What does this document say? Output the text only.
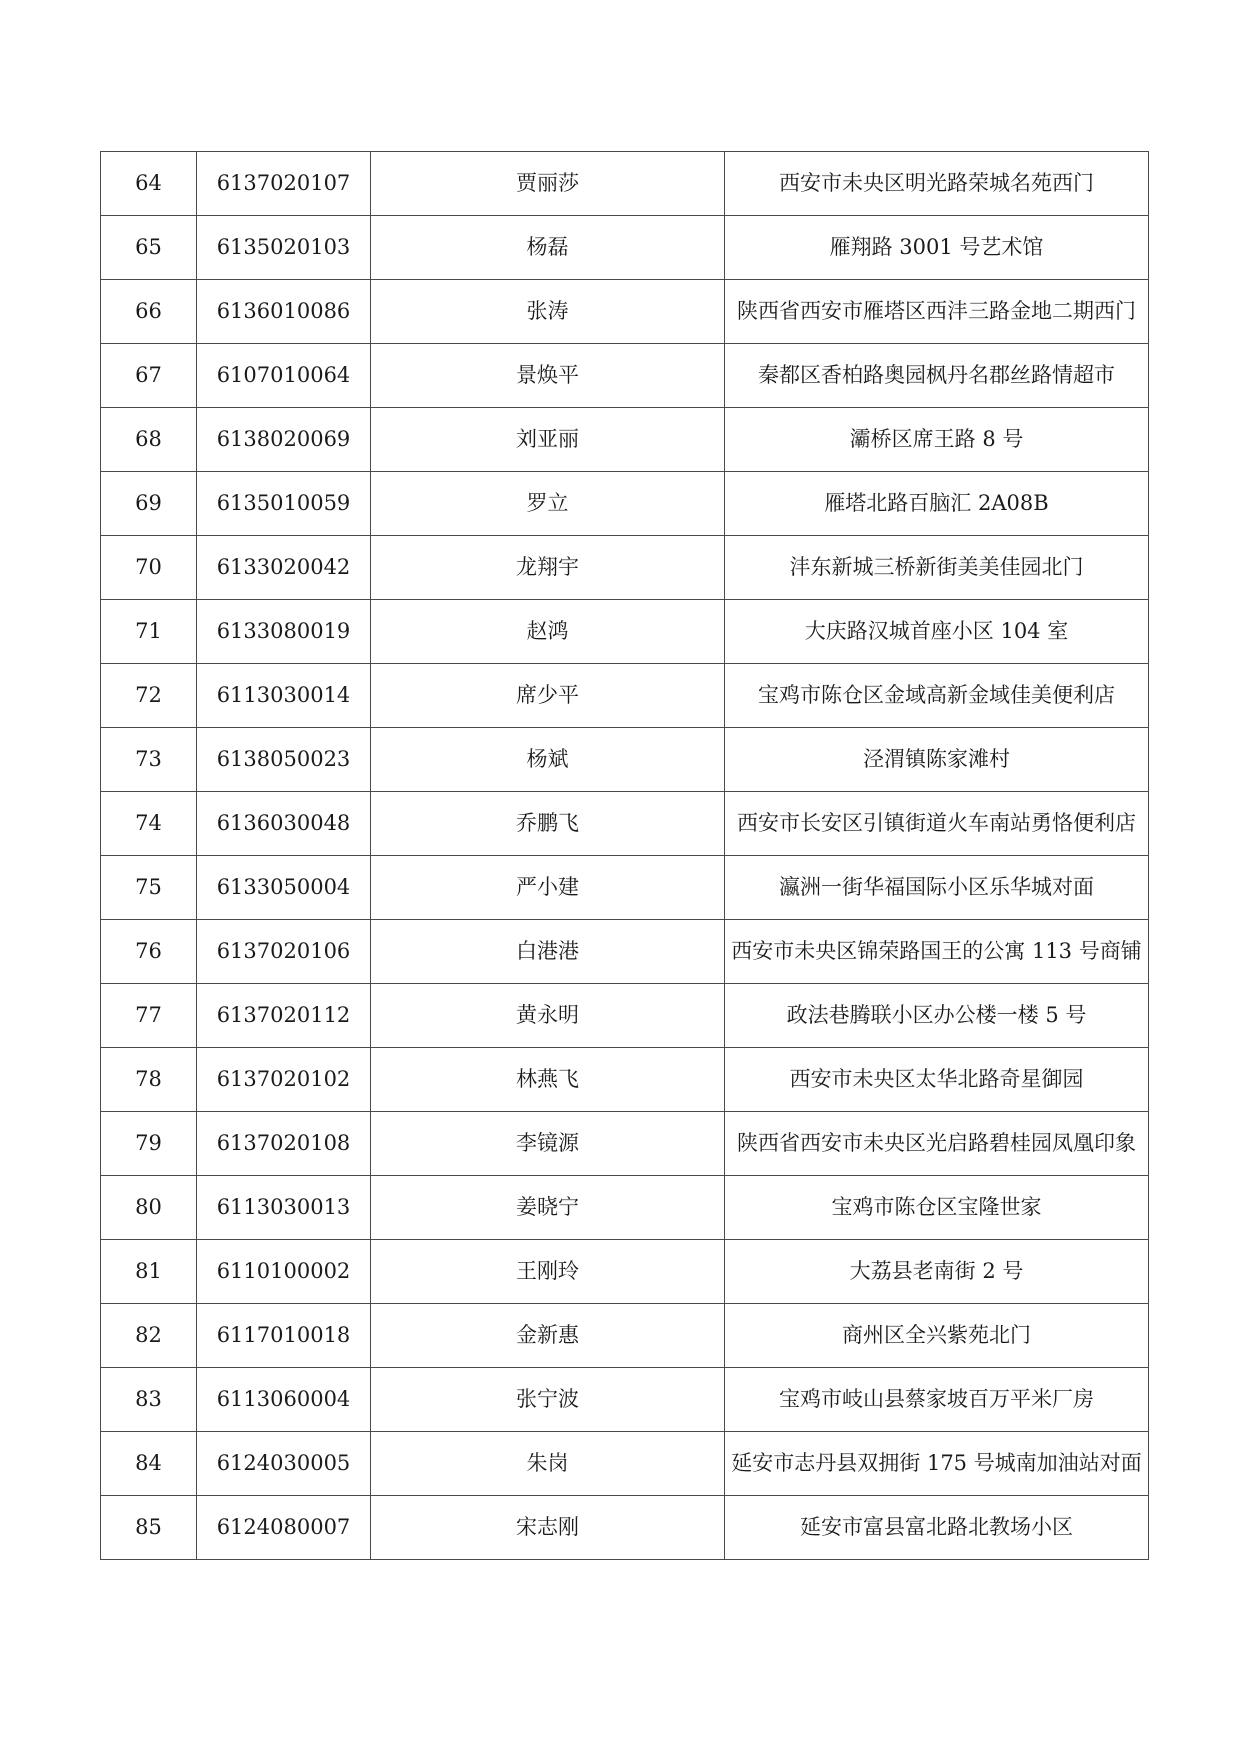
64	6137020107	贾丽莎	西安市未央区明光路荣城名苑西门
65	6135020103	杨磊	雁翔路 3001 号艺术馆
66	6136010086	张涛	陕西省西安市雁塔区西沣三路金地二期西门
67	6107010064	景焕平	秦都区香柏路奥园枫丹名郡丝路情超市
68	6138020069	刘亚丽	灞桥区席王路 8 号
69	6135010059	罗立	雁塔北路百脑汇 2A08B
70	6133020042	龙翔宇	沣东新城三桥新街美美佳园北门
71	6133080019	赵鸿	大庆路汉城首座小区 104 室
72	6113030014	席少平	宝鸡市陈仓区金域高新金域佳美便利店
73	6138050023	杨斌	泾渭镇陈家滩村
74	6136030048	乔鹏飞	西安市长安区引镇街道火车南站勇恪便利店
75	6133050004	严小建	瀛洲一街华福国际小区乐华城对面
76	6137020106	白港港	西安市未央区锦荣路国王的公寓 113 号商铺
77	6137020112	黄永明	政法巷腾联小区办公楼一楼 5 号
78	6137020102	林燕飞	西安市未央区太华北路奇星御园
79	6137020108	李镜源	陕西省西安市未央区光启路碧桂园凤凰印象
80	6113030013	姜晓宁	宝鸡市陈仓区宝隆世家
81	6110100002	王刚玲	大荔县老南街 2 号
82	6117010018	金新惠	商州区全兴紫苑北门
83	6113060004	张宁波	宝鸡市岐山县蔡家坡百万平米厂房
84	6124030005	朱岗	延安市志丹县双拥街 175 号城南加油站对面
85	6124080007	宋志刚	延安市富县富北路北教场小区
